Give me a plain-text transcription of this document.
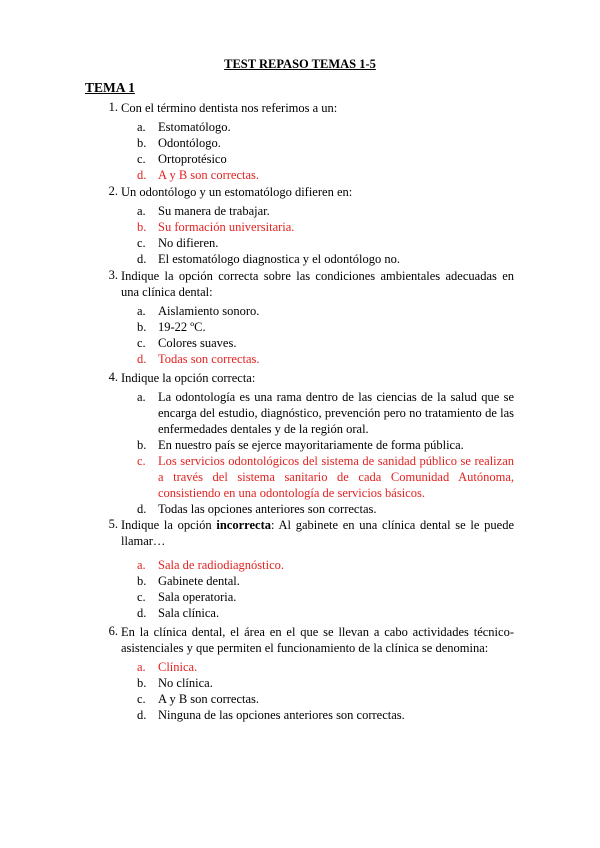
TEST REPASO TEMAS 1-5
TEMA 1
1. Con el término dentista nos referimos a un:
a. Estomatólogo.
b. Odontólogo.
c. Ortoprotésico
d. A y B son correctas.
2. Un odontólogo y un estomatólogo difieren en:
a. Su manera de trabajar.
b. Su formación universitaria.
c. No difieren.
d. El estomatólogo diagnostica y el odontólogo no.
3. Indique la opción correcta sobre las condiciones ambientales adecuadas en una clínica dental:
a. Aislamiento sonoro.
b. 19-22 ºC.
c. Colores suaves.
d. Todas son correctas.
4. Indique la opción correcta:
a. La odontología es una rama dentro de las ciencias de la salud que se encarga del estudio, diagnóstico, prevención pero no tratamiento de las enfermedades dentales y de la región oral.
b. En nuestro país se ejerce mayoritariamente de forma pública.
c. Los servicios odontológicos del sistema de sanidad público se realizan a través del sistema sanitario de cada Comunidad Autónoma, consistiendo en una odontología de servicios básicos.
d. Todas las opciones anteriores son correctas.
5. Indique la opción incorrecta: Al gabinete en una clínica dental se le puede llamar…
a. Sala de radiodiagnóstico.
b. Gabinete dental.
c. Sala operatoria.
d. Sala clínica.
6. En la clínica dental, el área en el que se llevan a cabo actividades técnico-asistenciales y que permiten el funcionamiento de la clínica se denomina:
a. Clínica.
b. No clínica.
c. A y B son correctas.
d. Ninguna de las opciones anteriores son correctas.
